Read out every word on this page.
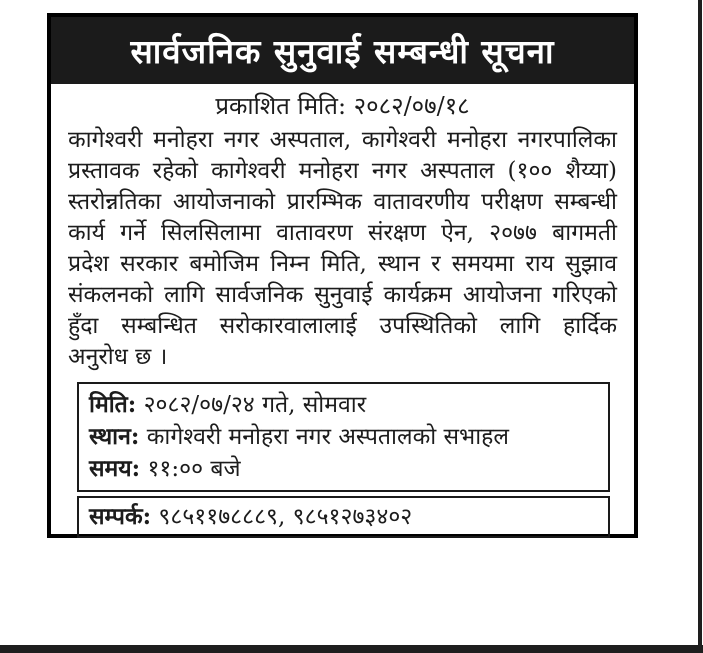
सार्वजनिक सुनुवाई सम्बन्धी सूचना
प्रकाशित मिति: २०८२/०७/१८
कागेश्वरी मनोहरा नगर अस्पताल, कागेश्वरी मनोहरा नगरपालिका
प्रस्तावक रहेको कागेश्वरी मनोहरा नगर अस्पताल (१०० शैय्या)
स्तरोन्नतिका आयोजनाको प्रारम्भिक वातावरणीय परीक्षण सम्बन्धी
कार्य गर्ने सिलसिलामा वातावरण संरक्षण ऐन, २०७७ बागमती
प्रदेश सरकार बमोजिम निम्न मिति, स्थान र समयमा राय सुझाव
संकलनको लागि सार्वजनिक सुनुवाई कार्यक्रम आयोजना गरिएको
हुँदा सम्बन्धित सरोकारवालालाई उपस्थितिको लागि हार्दिक
अनुरोध छ ।
मिति: २०८२/०७/२४ गते, सोमवार
स्थान: कागेश्वरी मनोहरा नगर अस्पतालको सभाहल
समय: ११:०० बजे
सम्पर्क: ९८५११७८८८९, ९८५१२७३४०२
